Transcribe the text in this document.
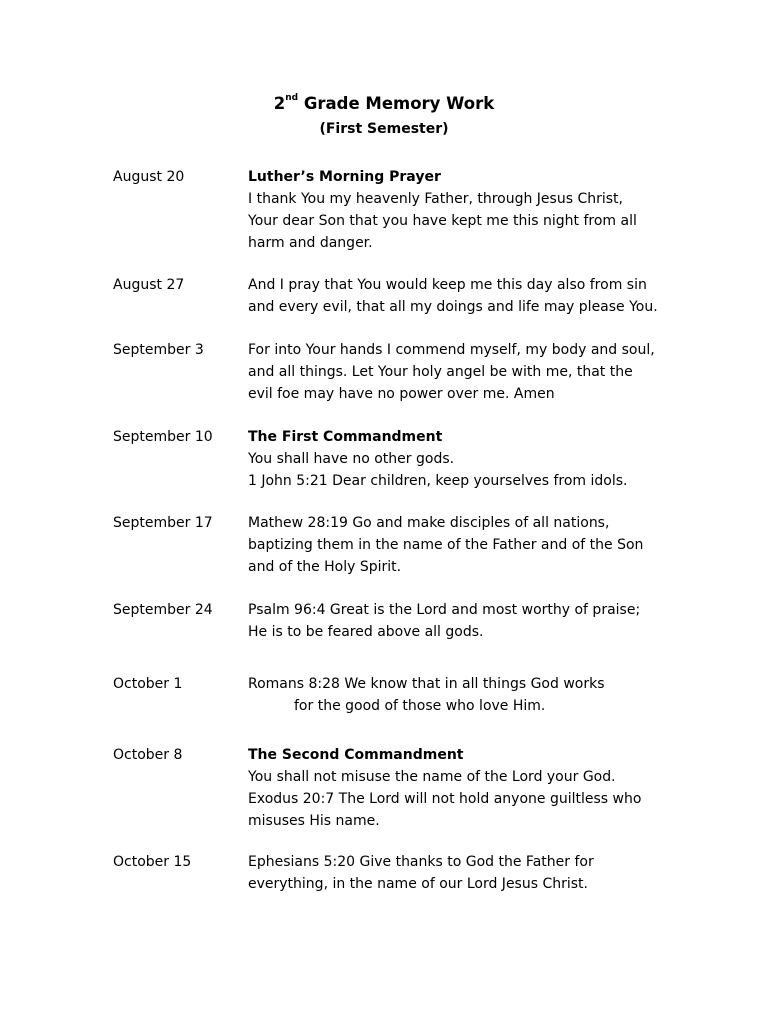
2nd Grade Memory Work
(First Semester)
August 20	Luther’s Morning Prayer
I thank You my heavenly Father, through Jesus Christ,
Your dear Son that you have kept me this night from all
harm and danger.
August 27	And I pray that You would keep me this day also from sin
and every evil, that all my doings and life may please You.
September 3	For into Your hands I commend myself, my body and soul,
and all things. Let Your holy angel be with me, that the
evil foe may have no power over me. Amen
September 10	The First Commandment
You shall have no other gods.
1 John 5:21 Dear children, keep yourselves from idols.
September 17	Mathew 28:19 Go and make disciples of all nations,
baptizing them in the name of the Father and of the Son
and of the Holy Spirit.
September 24	Psalm 96:4 Great is the Lord and most worthy of praise;
He is to be feared above all gods.
October 1	Romans 8:28 We know that in all things God works
for the good of those who love Him.
October 8	The Second Commandment
You shall not misuse the name of the Lord your God.
Exodus 20:7 The Lord will not hold anyone guiltless who
misuses His name.
October 15	Ephesians 5:20 Give thanks to God the Father for
everything, in the name of our Lord Jesus Christ.
